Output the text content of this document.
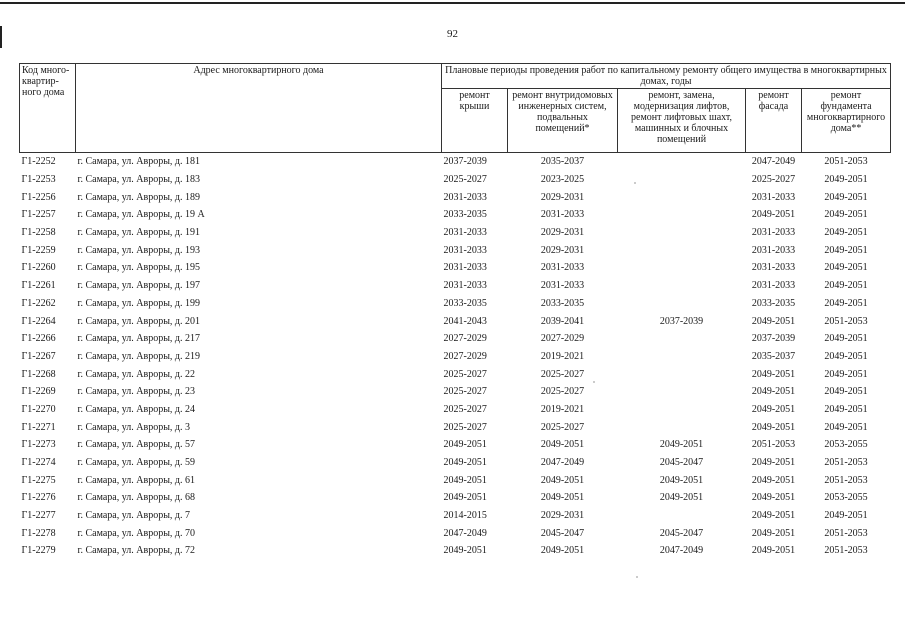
92
Код много-квартир-ного дома	Адрес многоквартирного дома	Плановые периоды проведения работ по капитальному ремонту общего имущества в многоквартирных домах, годы				
		ремонт крыши	ремонт внутридомовых инженерных систем, подвальных помещений*	ремонт, замена, модернизация лифтов, ремонт лифтовых шахт, машинных и блочных помещений	ремонт фасада	ремонт фундамента многоквартирного дома**
Г1-2252	г. Самара, ул. Авроры, д. 181	2037-2039	2035-2037		2047-2049	2051-2053
Г1-2253	г. Самара, ул. Авроры, д. 183	2025-2027	2023-2025		2025-2027	2049-2051
Г1-2256	г. Самара, ул. Авроры, д. 189	2031-2033	2029-2031		2031-2033	2049-2051
Г1-2257	г. Самара, ул. Авроры, д. 19 А	2033-2035	2031-2033		2049-2051	2049-2051
Г1-2258	г. Самара, ул. Авроры, д. 191	2031-2033	2029-2031		2031-2033	2049-2051
Г1-2259	г. Самара, ул. Авроры, д. 193	2031-2033	2029-2031		2031-2033	2049-2051
Г1-2260	г. Самара, ул. Авроры, д. 195	2031-2033	2031-2033		2031-2033	2049-2051
Г1-2261	г. Самара, ул. Авроры, д. 197	2031-2033	2031-2033		2031-2033	2049-2051
Г1-2262	г. Самара, ул. Авроры, д. 199	2033-2035	2033-2035		2033-2035	2049-2051
Г1-2264	г. Самара, ул. Авроры, д. 201	2041-2043	2039-2041	2037-2039	2049-2051	2051-2053
Г1-2266	г. Самара, ул. Авроры, д. 217	2027-2029	2027-2029		2037-2039	2049-2051
Г1-2267	г. Самара, ул. Авроры, д. 219	2027-2029	2019-2021		2035-2037	2049-2051
Г1-2268	г. Самара, ул. Авроры, д. 22	2025-2027	2025-2027		2049-2051	2049-2051
Г1-2269	г. Самара, ул. Авроры, д. 23	2025-2027	2025-2027		2049-2051	2049-2051
Г1-2270	г. Самара, ул. Авроры, д. 24	2025-2027	2019-2021		2049-2051	2049-2051
Г1-2271	г. Самара, ул. Авроры, д. 3	2025-2027	2025-2027		2049-2051	2049-2051
Г1-2273	г. Самара, ул. Авроры, д. 57	2049-2051	2049-2051	2049-2051	2051-2053	2053-2055
Г1-2274	г. Самара, ул. Авроры, д. 59	2049-2051	2047-2049	2045-2047	2049-2051	2051-2053
Г1-2275	г. Самара, ул. Авроры, д. 61	2049-2051	2049-2051	2049-2051	2049-2051	2051-2053
Г1-2276	г. Самара, ул. Авроры, д. 68	2049-2051	2049-2051	2049-2051	2049-2051	2053-2055
Г1-2277	г. Самара, ул. Авроры, д. 7	2014-2015	2029-2031		2049-2051	2049-2051
Г1-2278	г. Самара, ул. Авроры, д. 70	2047-2049	2045-2047	2045-2047	2049-2051	2051-2053
Г1-2279	г. Самара, ул. Авроры, д. 72	2049-2051	2049-2051	2047-2049	2049-2051	2051-2053
